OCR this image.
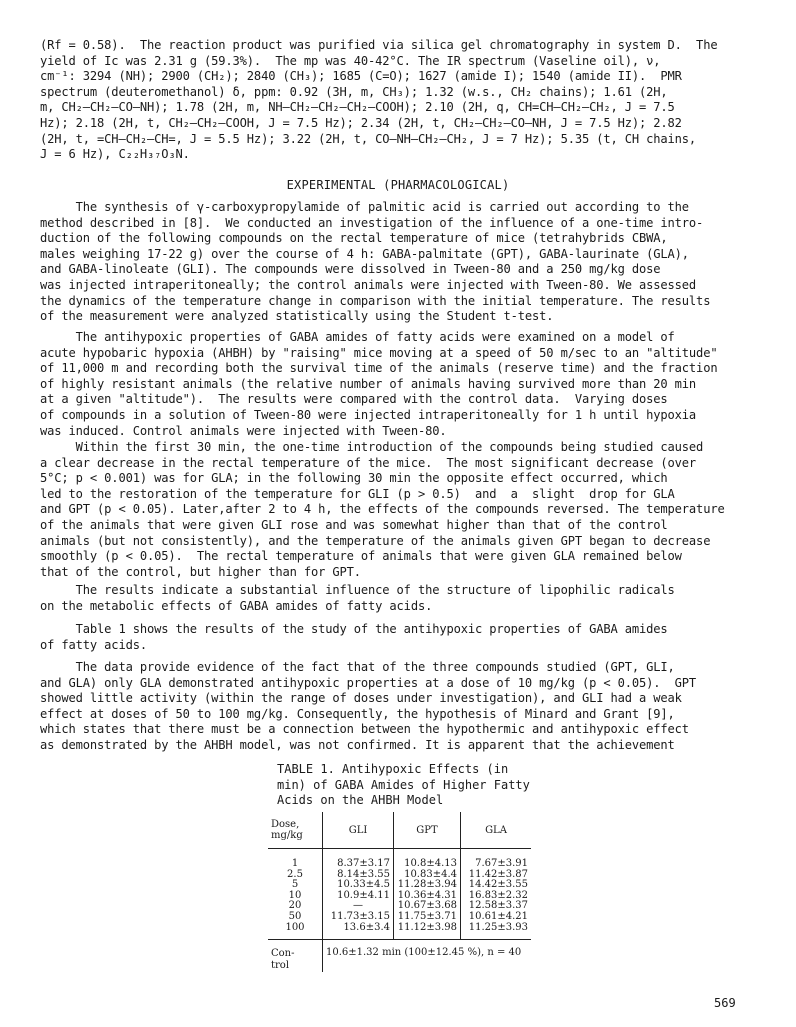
(Rf = 0.58).  The reaction product was purified via silica gel chromatography in system D.  The
yield of Ic was 2.31 g (59.3%).  The mp was 40-42°C. The IR spectrum (Vaseline oil), ν,
cm⁻¹: 3294 (NH); 2900 (CH₂); 2840 (CH₃); 1685 (C=O); 1627 (amide I); 1540 (amide II).  PMR
spectrum (deuteromethanol) δ, ppm: 0.92 (3H, m, CH₃); 1.32 (w.s., CH₂ chains); 1.61 (2H,
m, CH₂–CH₂–CO–NH); 1.78 (2H, m, NH–CH₂–CH₂–CH₂–COOH); 2.10 (2H, q, CH=CH–CH₂–CH₂, J = 7.5
Hz); 2.18 (2H, t, CH₂–CH₂–COOH, J = 7.5 Hz); 2.34 (2H, t, CH₂–CH₂–CO–NH, J = 7.5 Hz); 2.82
(2H, t, =CH–CH₂–CH=, J = 5.5 Hz); 3.22 (2H, t, CO–NH–CH₂–CH₂, J = 7 Hz); 5.35 (t, CH chains,
J = 6 Hz), C₂₂H₃₇O₃N.

EXPERIMENTAL (PHARMACOLOGICAL)

The synthesis of γ-carboxypropylamide of palmitic acid is carried out according to the
method described in [8].  We conducted an investigation of the influence of a one-time intro-
duction of the following compounds on the rectal temperature of mice (tetrahybrids CBWA,
males weighing 17-22 g) over the course of 4 h: GABA-palmitate (GPT), GABA-laurinate (GLA),
and GABA-linoleate (GLI). The compounds were dissolved in Tween-80 and a 250 mg/kg dose
was injected intraperitoneally; the control animals were injected with Tween-80. We assessed
the dynamics of the temperature change in comparison with the initial temperature. The results
of the measurement were analyzed statistically using the Student t-test.

The antihypoxic properties of GABA amides of fatty acids were examined on a model of
acute hypobaric hypoxia (AHBH) by "raising" mice moving at a speed of 50 m/sec to an "altitude"
of 11,000 m and recording both the survival time of the animals (reserve time) and the fraction
of highly resistant animals (the relative number of animals having survived more than 20 min
at a given "altitude").  The results were compared with the control data.  Varying doses
of compounds in a solution of Tween-80 were injected intraperitoneally for 1 h until hypoxia
was induced. Control animals were injected with Tween-80.

Within the first 30 min, the one-time introduction of the compounds being studied caused
a clear decrease in the rectal temperature of the mice.  The most significant decrease (over
5°C; p < 0.001) was for GLA; in the following 30 min the opposite effect occurred, which
led to the restoration of the temperature for GLI (p > 0.5)  and  a  slight  drop for GLA
and GPT (p < 0.05). Later,after 2 to 4 h, the effects of the compounds reversed. The temperature
of the animals that were given GLI rose and was somewhat higher than that of the control
animals (but not consistently), and the temperature of the animals given GPT began to decrease
smoothly (p < 0.05).  The rectal temperature of animals that were given GLA remained below
that of the control, but higher than for GPT.

The results indicate a substantial influence of the structure of lipophilic radicals
on the metabolic effects of GABA amides of fatty acids.

Table 1 shows the results of the study of the antihypoxic properties of GABA amides
of fatty acids.

The data provide evidence of the fact that of the three compounds studied (GPT, GLI,
and GLA) only GLA demonstrated antihypoxic properties at a dose of 10 mg/kg (p < 0.05).  GPT
showed little activity (within the range of doses under investigation), and GLI had a weak
effect at doses of 50 to 100 mg/kg. Consequently, the hypothesis of Minard and Grant [9],
which states that there must be a connection between the hypothermic and antihypoxic effect
as demonstrated by the AHBH model, was not confirmed. It is apparent that the achievement

TABLE 1. Antihypoxic Effects (in
min) of GABA Amides of Higher Fatty
Acids on the AHBH Model
Dose,
mg/kg	GLI	GPT	GLA
1	8.37±3.17	10.8±4.13	7.67±3.91
2.5	8.14±3.55	10.83±4.4	11.42±3.87
5	10.33±4.5	11.28±3.94	14.42±3.55
10	10.9±4.11	10.36±4.31	16.83±2.32
20	—	10.67±3.68	12.58±3.37
50	11.73±3.15	11.75±3.71	10.61±4.21
100	13.6±3.4	11.12±3.98	11.25±3.93
Con-
trol	10.6±1.32 min (100±12.45 %), n = 40		
569
